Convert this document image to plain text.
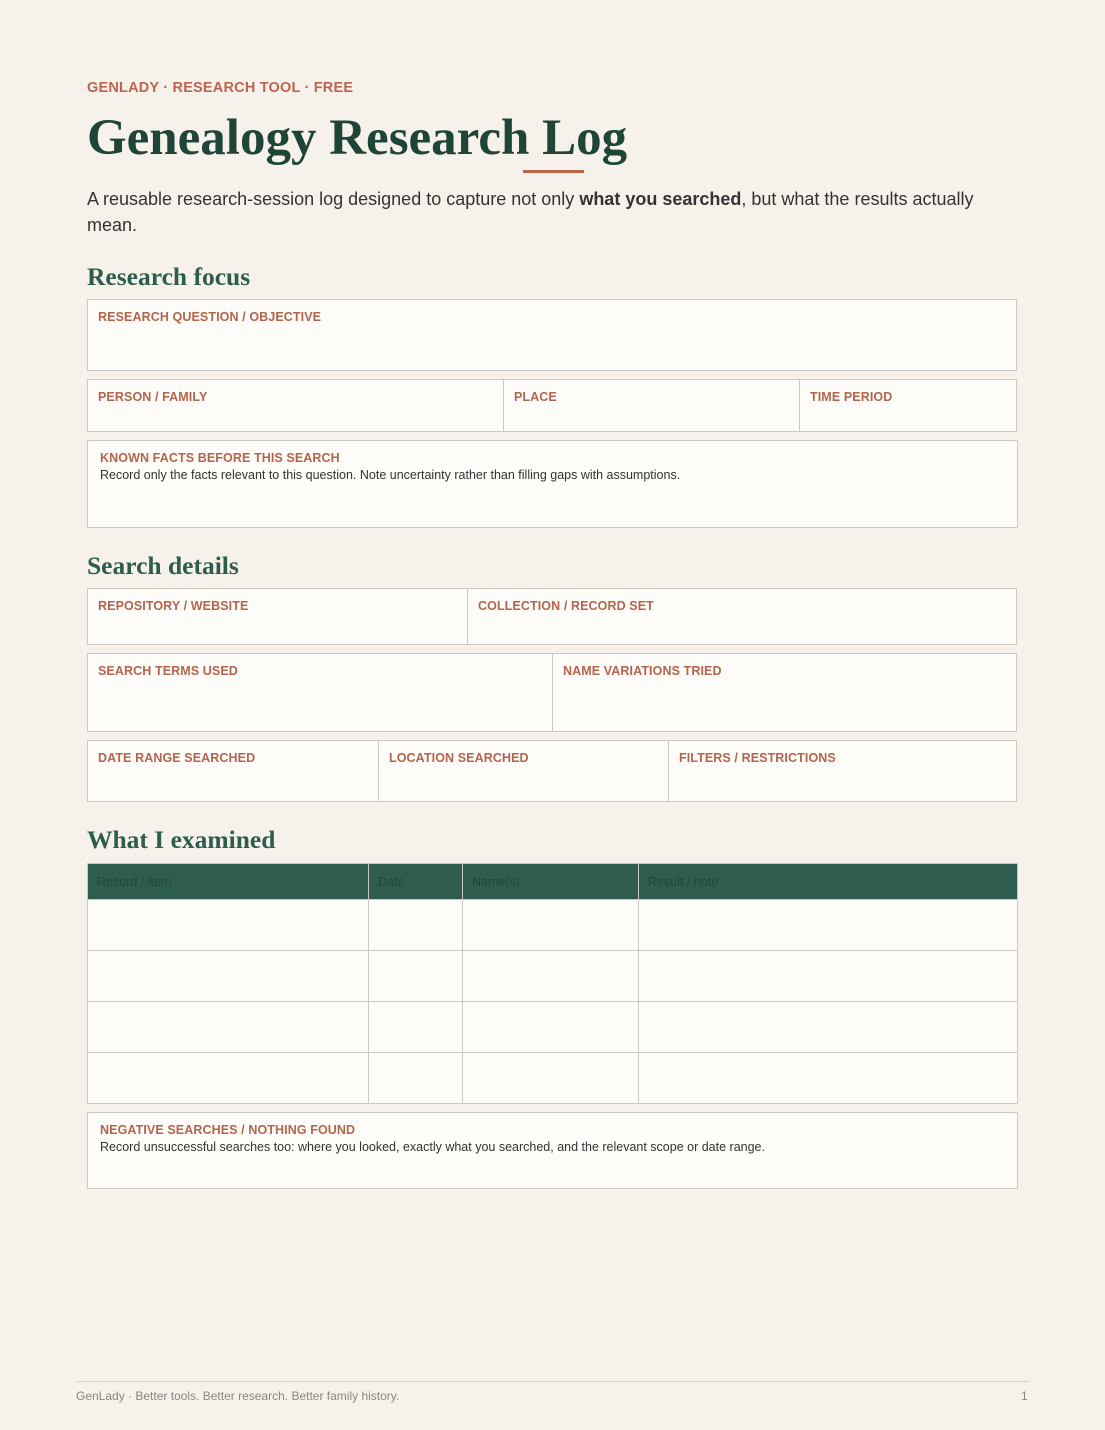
GENLADY · RESEARCH TOOL · FREE
Genealogy Research Log

A reusable research-session log designed to capture not only what you searched, but what the results actually mean.

Research focus
RESEARCH QUESTION / OBJECTIVE
PERSON / FAMILY	PLACE	TIME PERIOD
KNOWN FACTS BEFORE THIS SEARCH
Record only the facts relevant to this question. Note uncertainty rather than filling gaps with assumptions.
Search details
REPOSITORY / WEBSITE	COLLECTION / RECORD SET
SEARCH TERMS USED	NAME VARIATIONS TRIED
DATE RANGE SEARCHED	LOCATION SEARCHED	FILTERS / RESTRICTIONS
What I examined
Record / item	Date	Name(s)	Result / note

NEGATIVE SEARCHES / NOTHING FOUND
Record unsuccessful searches too: where you looked, exactly what you searched, and the relevant scope or date range.
GenLady · Better tools. Better research. Better family history.	1
